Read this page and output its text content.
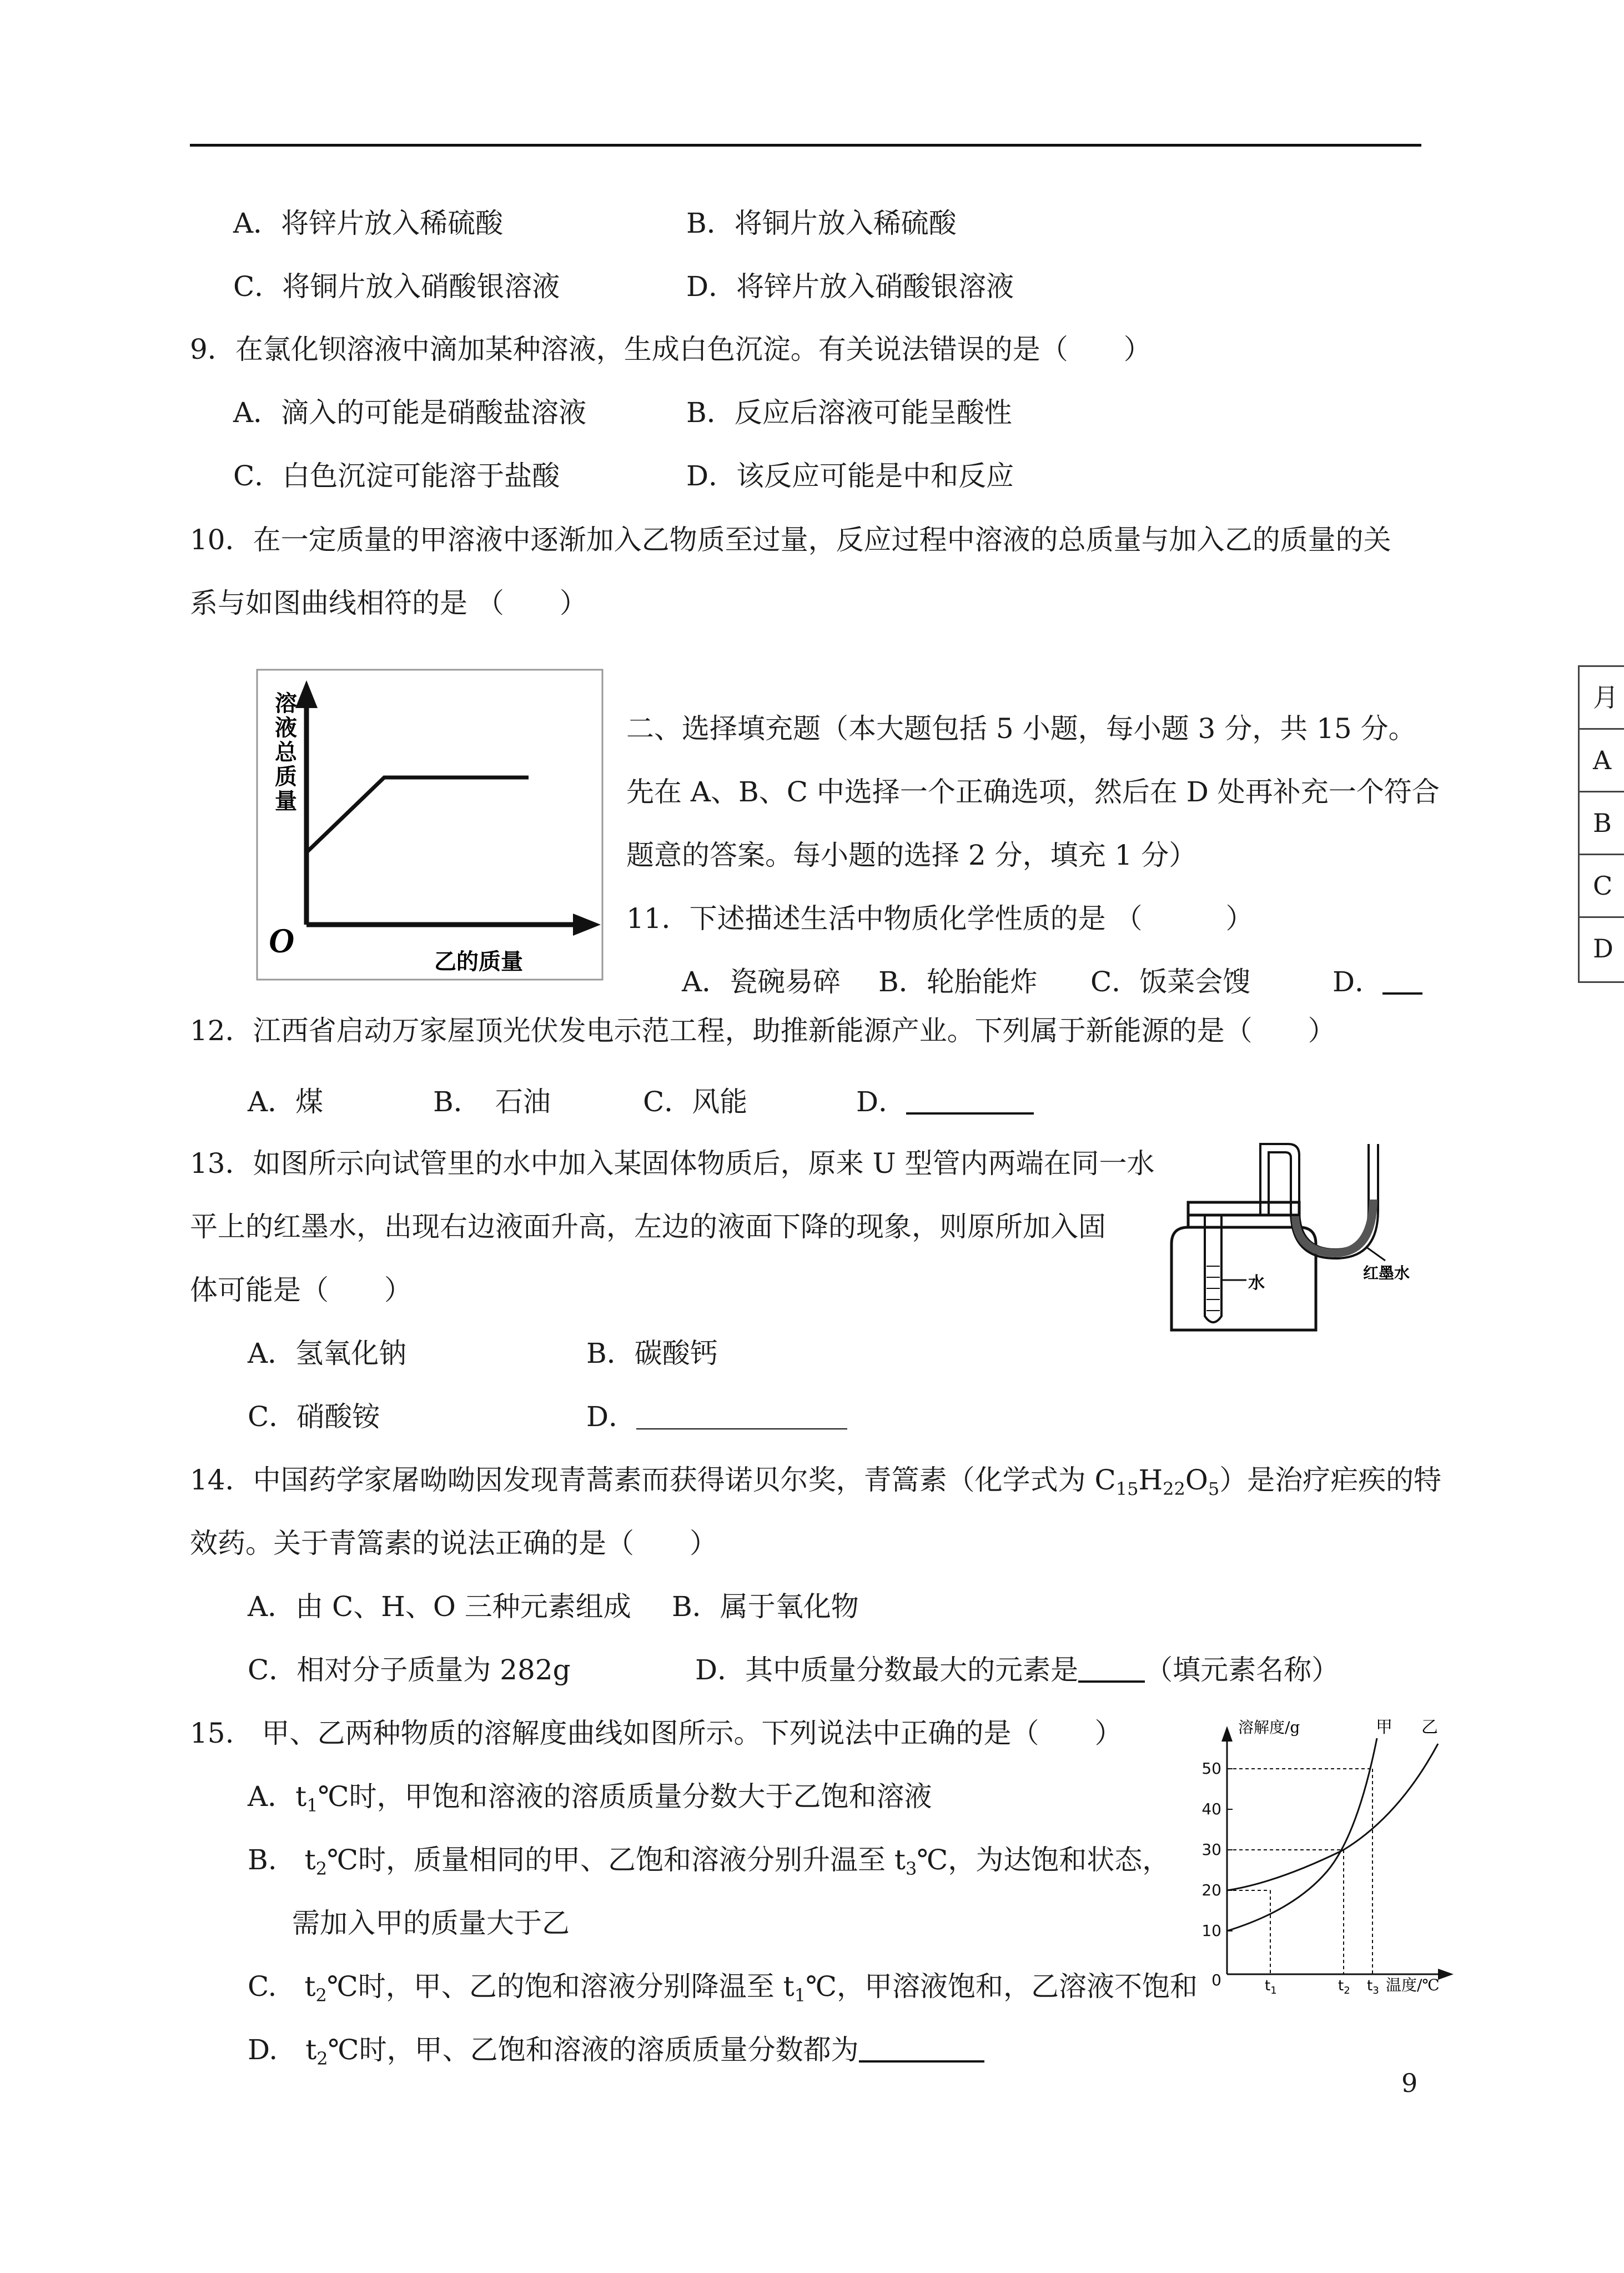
A．将锌片放入稀硫酸	B．将铜片放入稀硫酸
C．将铜片放入硝酸银溶液	D．将锌片放入硝酸银溶液
9．在氯化钡溶液中滴加某种溶液，生成白色沉淀。有关说法错误的是（　　）
A．滴入的可能是硝酸盐溶液	B．反应后溶液可能呈酸性
C．白色沉淀可能溶于盐酸	D．该反应可能是中和反应
10．在一定质量的甲溶液中逐渐加入乙物质至过量，反应过程中溶液的总质量与加入乙的质量的关
系与如图曲线相符的是 （　　）
O
溶液总质量
乙的质量
二、选择填充题（本大题包括 5 小题，每小题 3 分，共 15 分。
先在 A、B、C 中选择一个正确选项，然后在 D 处再补充一个符合
题意的答案。每小题的选择 2 分，填充 1 分）
11．下述描述生活中物质化学性质的是 （　　　）
A．瓷碗易碎 B．轮胎能炸 C．饭菜会馊	D．
12．江西省启动万家屋顶光伏发电示范工程，助推新能源产业。下列属于新能源的是（　　）
A．煤	B．　石油	C．风能	D．
13．如图所示向试管里的水中加入某固体物质后，原来 U 型管内两端在同一水
平上的红墨水，出现右边液面升高，左边的液面下降的现象，则原所加入固
体可能是（　　）
A．氢氧化钠	B．碳酸钙
C．硝酸铵	D．
水
红墨水
14．中国药学家屠呦呦因发现青蒿素而获得诺贝尔奖，青篙素（化学式为 $C_{15}H_{22}O_5$）是治疗疟疾的特
效药。关于青篙素的说法正确的是（　　）
A．由 C、H、O 三种元素组成 B．属于氧化物
C．相对分子质量为 282g	D．其中质量分数最大的元素是 （填元素名称）
15.　甲、乙两种物质的溶解度曲线如图所示。下列说法中正确的是（　　）
A．$t_1℃$时，甲饱和溶液的溶质质量分数大于乙饱和溶液
B.　$t_2℃$时，质量相同的甲、乙饱和溶液分别升温至 $t_3℃$，为达饱和状态，
需加入甲的质量大于乙
C.　$t_2℃$时，甲、乙的饱和溶液分别降温至 $t_1℃$，甲溶液饱和，乙溶液不饱和
D.　$t_2℃$时，甲、乙饱和溶液的溶质质量分数都为
50
40
30
20
10
0
溶解度/g	甲 乙
$t_1$	$t_2$ $t_3$ 温度/℃
月
A
B
C
D
9
